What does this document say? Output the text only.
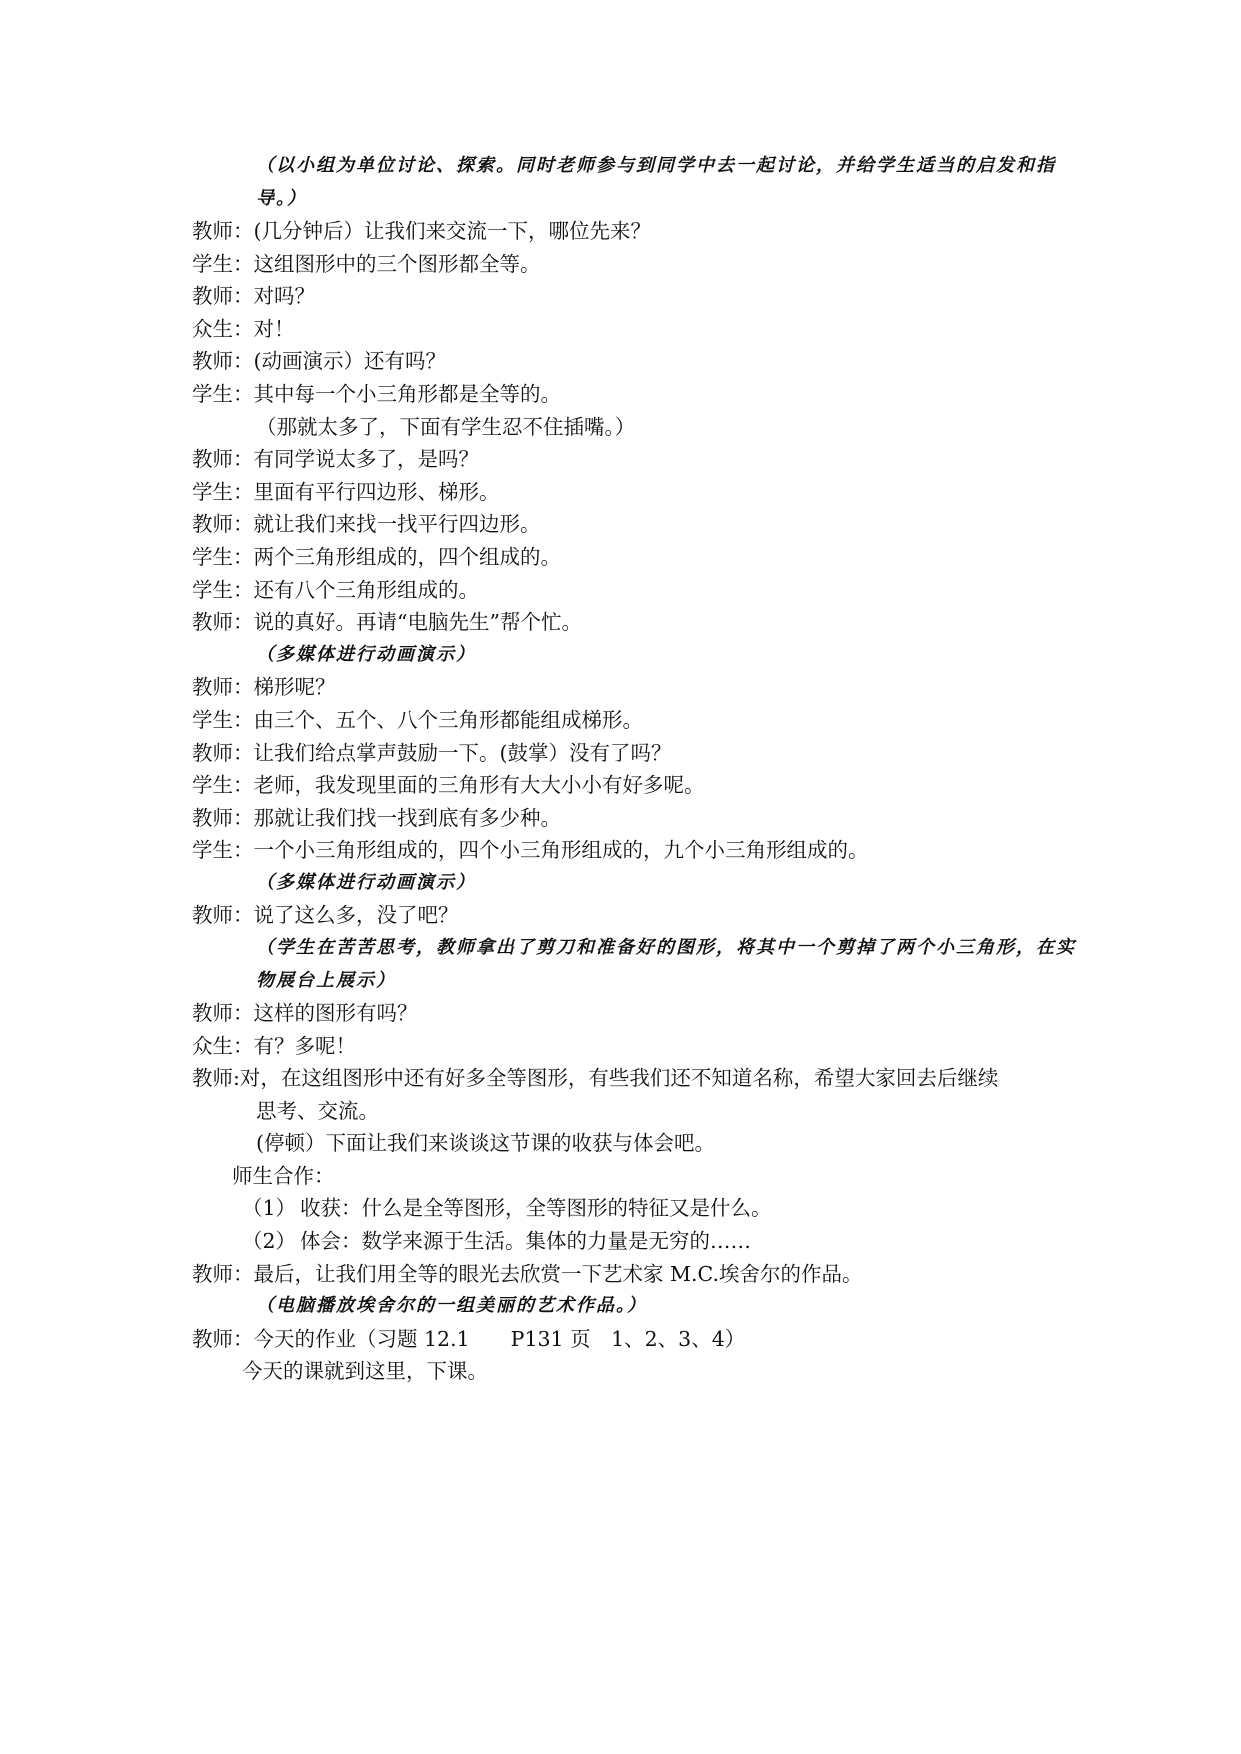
（以小组为单位讨论、探索。同时老师参与到同学中去一起讨论，并给学生适当的启发和指导。）
教师：(几分钟后）让我们来交流一下，哪位先来？
学生：这组图形中的三个图形都全等。
教师：对吗？
众生：对！
教师：(动画演示）还有吗？
学生：其中每一个小三角形都是全等的。
（那就太多了，下面有学生忍不住插嘴。）
教师：有同学说太多了，是吗？
学生：里面有平行四边形、梯形。
教师：就让我们来找一找平行四边形。
学生：两个三角形组成的，四个组成的。
学生：还有八个三角形组成的。
教师：说的真好。再请“电脑先生”帮个忙。
（多媒体进行动画演示）
教师：梯形呢？
学生：由三个、五个、八个三角形都能组成梯形。
教师：让我们给点掌声鼓励一下。(鼓掌）没有了吗？
学生：老师，我发现里面的三角形有大大小小有好多呢。
教师：那就让我们找一找到底有多少种。
学生：一个小三角形组成的，四个小三角形组成的，九个小三角形组成的。
（多媒体进行动画演示）
教师：说了这么多，没了吧？
（学生在苦苦思考，教师拿出了剪刀和准备好的图形，将其中一个剪掉了两个小三角形，在实物展台上展示）
教师：这样的图形有吗？
众生：有？多呢！
教师:对，在这组图形中还有好多全等图形，有些我们还不知道名称，希望大家回去后继续
思考、交流。
(停顿）下面让我们来谈谈这节课的收获与体会吧。
师生合作：
（1） 收获：什么是全等图形，全等图形的特征又是什么。
（2） 体会：数学来源于生活。集体的力量是无穷的……
教师：最后，让我们用全等的眼光去欣赏一下艺术家 M.C.埃舍尔的作品。
（电脑播放埃舍尔的一组美丽的艺术作品。）
教师：今天的作业（习题 12.1　　P131 页　1、2、3、4）
今天的课就到这里，下课。
